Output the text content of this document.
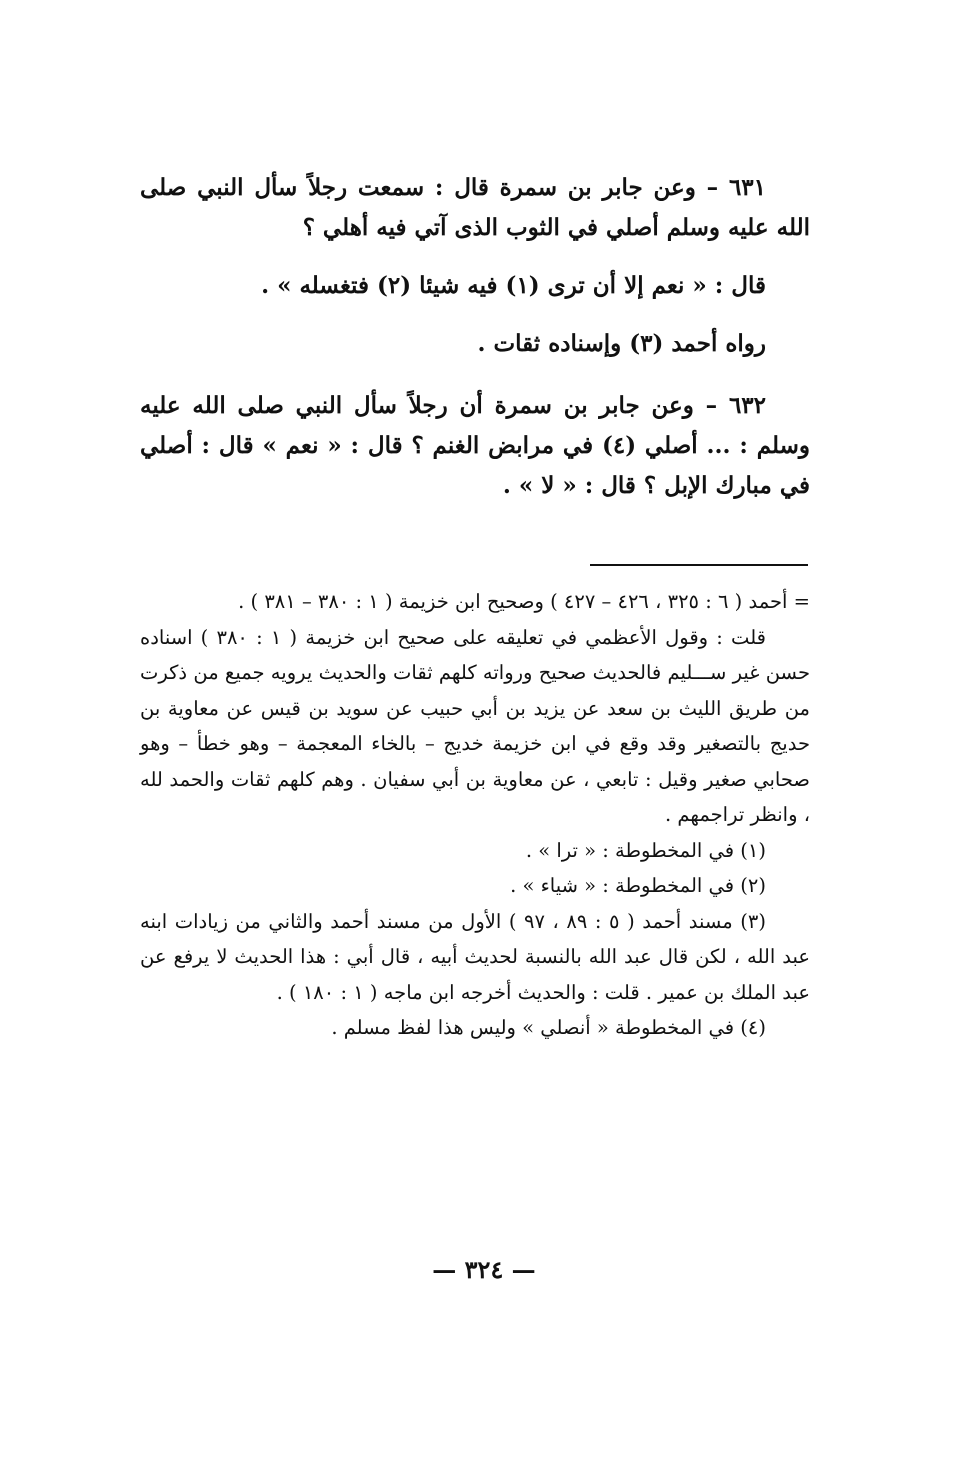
٦٣١ – وعن جابر بن سمرة قال : سمعت رجلاً سأل النبي صلى الله عليه وسلم أصلي في الثوب الذى آتي فيه أهلي ؟

قال : « نعم إلا أن ترى (١) فيه شيئا (٢) فتغسله » .

رواه أحمد (٣) وإسناده ثقات .

٦٣٢ – وعن جابر بن سمرة أن رجلاً سأل النبي صلى الله عليه وسلم : ... أصلي (٤) في مرابض الغنم ؟ قال : « نعم » قال : أصلي في مبارك الإبل ؟ قال : « لا » .

= أحمد ( ٦ : ٣٢٥ ، ٤٢٦ – ٤٢٧ ) وصحيح ابن خزيمة ( ١ : ٣٨٠ – ٣٨١ ) .

قلت : وقول الأعظمي في تعليقه على صحيح ابن خزيمة ( ١ : ٣٨٠ ) اسناده حسن غير ســـليم فالحديث صحيح ورواته كلهم ثقات والحديث يرويه جميع من ذكرت من طريق الليث بن سعد عن يزيد بن أبي حبيب عن سويد بن قيس عن معاوية بن حديج بالتصغير وقد وقع في ابن خزيمة خديج – بالخاء المعجمة – وهو خطأ – وهو صحابي صغير وقيل : تابعي ، عن معاوية بن أبي سفيان . وهم كلهم ثقات والحمد لله ، وانظر تراجمهم .

(١) في المخطوطة : « ترا » .

(٢) في المخطوطة : « شياء » .

(٣) مسند أحمد ( ٥ : ٨٩ ، ٩٧ ) الأول من مسند أحمد والثاني من زيادات ابنه عبد الله ، لكن قال عبد الله بالنسبة لحديث أبيه ، قال أبي : هذا الحديث لا يرفع عن عبد الملك بن عمير . قلت : والحديث أخرجه ابن ماجه ( ١ : ١٨٠ ) .

(٤) في المخطوطة « أنصلي » وليس هذا لفظ مسلم .

— ٣٢٤ —
